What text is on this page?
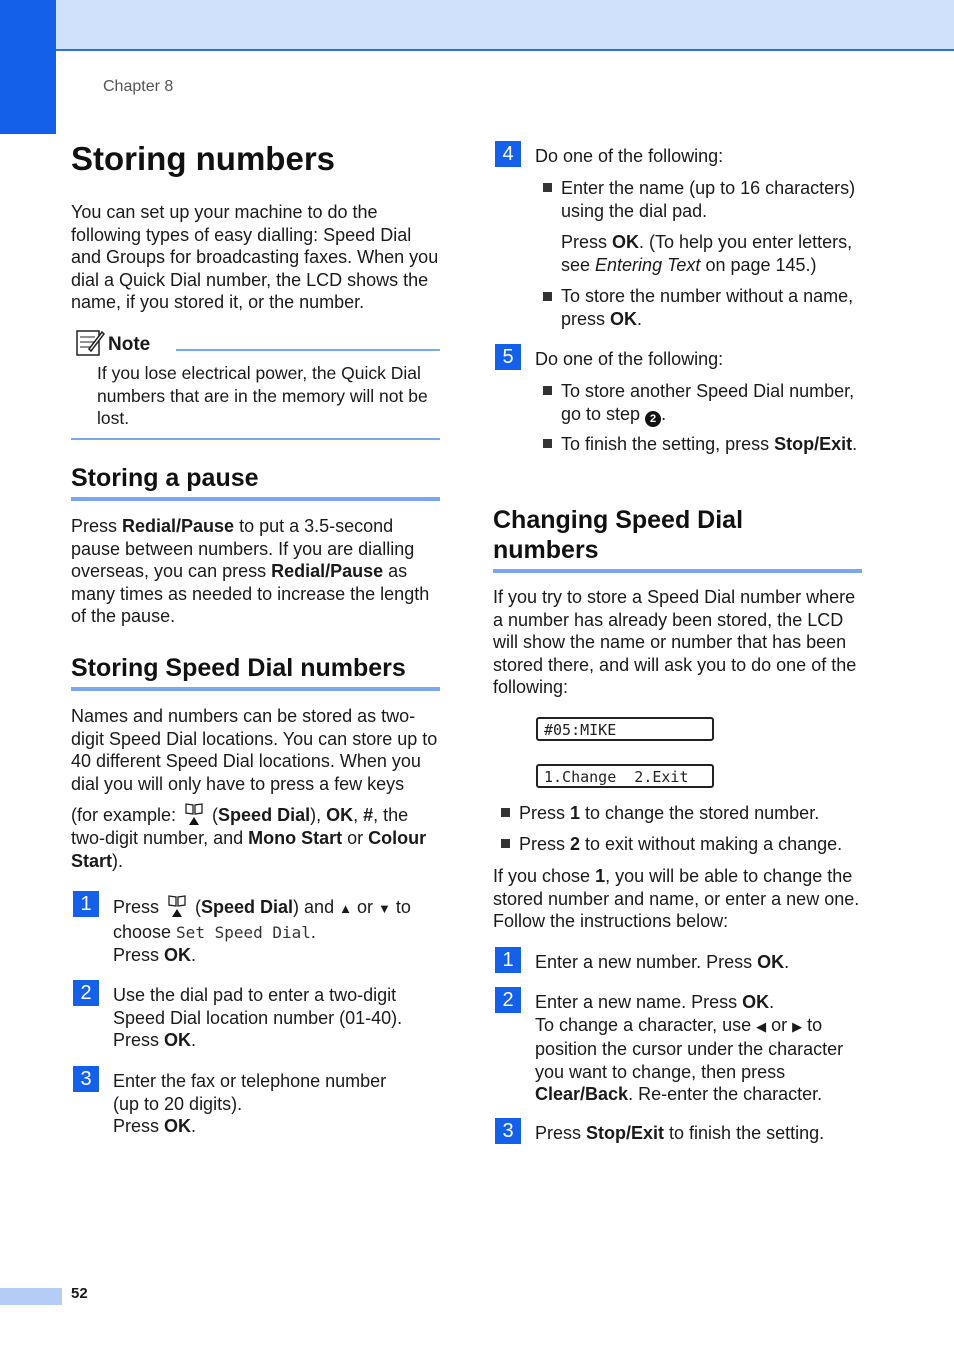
Chapter 8
52
Storing numbers

You can set up your machine to do the following types of easy dialling: Speed Dial and Groups for broadcasting faxes. When you dial a Quick Dial number, the LCD shows the name, if you stored it, or the number.

Note

If you lose electrical power, the Quick Dial numbers that are in the memory will not be lost.

Storing a pause

Press Redial/Pause to put a 3.5-second pause between numbers. If you are dialling overseas, you can press Redial/Pause as many times as needed to increase the length of the pause.

Storing Speed Dial numbers

Names and numbers can be stored as two-digit Speed Dial locations. You can store up to 40 different Speed Dial locations. When you dial you will only have to press a few keys
(for example:  (Speed Dial), OK, #, the two-digit number, and Mono Start or Colour Start).

1	Press  (Speed Dial) and ▲ or ▼ to
choose Set Speed Dial.
Press OK.
2	Use the dial pad to enter a two-digit Speed Dial location number (01-40).
Press OK.
3	Enter the fax or telephone number (up to 20 digits).
Press OK.
4	Do one of the following:

Enter the name (up to 16 characters) using the dial pad.

Press OK. (To help you enter letters, see Entering Text on page 145.)

To store the number without a name, press OK.

5	Do one of the following:

To store another Speed Dial number, go to step 2 .

To finish the setting, press Stop/Exit.

Changing Speed Dial numbers

If you try to store a Speed Dial number where a number has already been stored, the LCD will show the name or number that has been stored there, and will ask you to do one of the following:

#05:MIKE
1.Change  2.Exit

Press 1 to change the stored number.

Press 2 to exit without making a change.

If you chose 1, you will be able to change the stored number and name, or enter a new one. Follow the instructions below:

1	Enter a new number. Press OK.

2	Enter a new name. Press OK.
To change a character, use ◀ or ▶ to position the cursor under the character you want to change, then press Clear/Back. Re-enter the character.

3	Press Stop/Exit to finish the setting.
